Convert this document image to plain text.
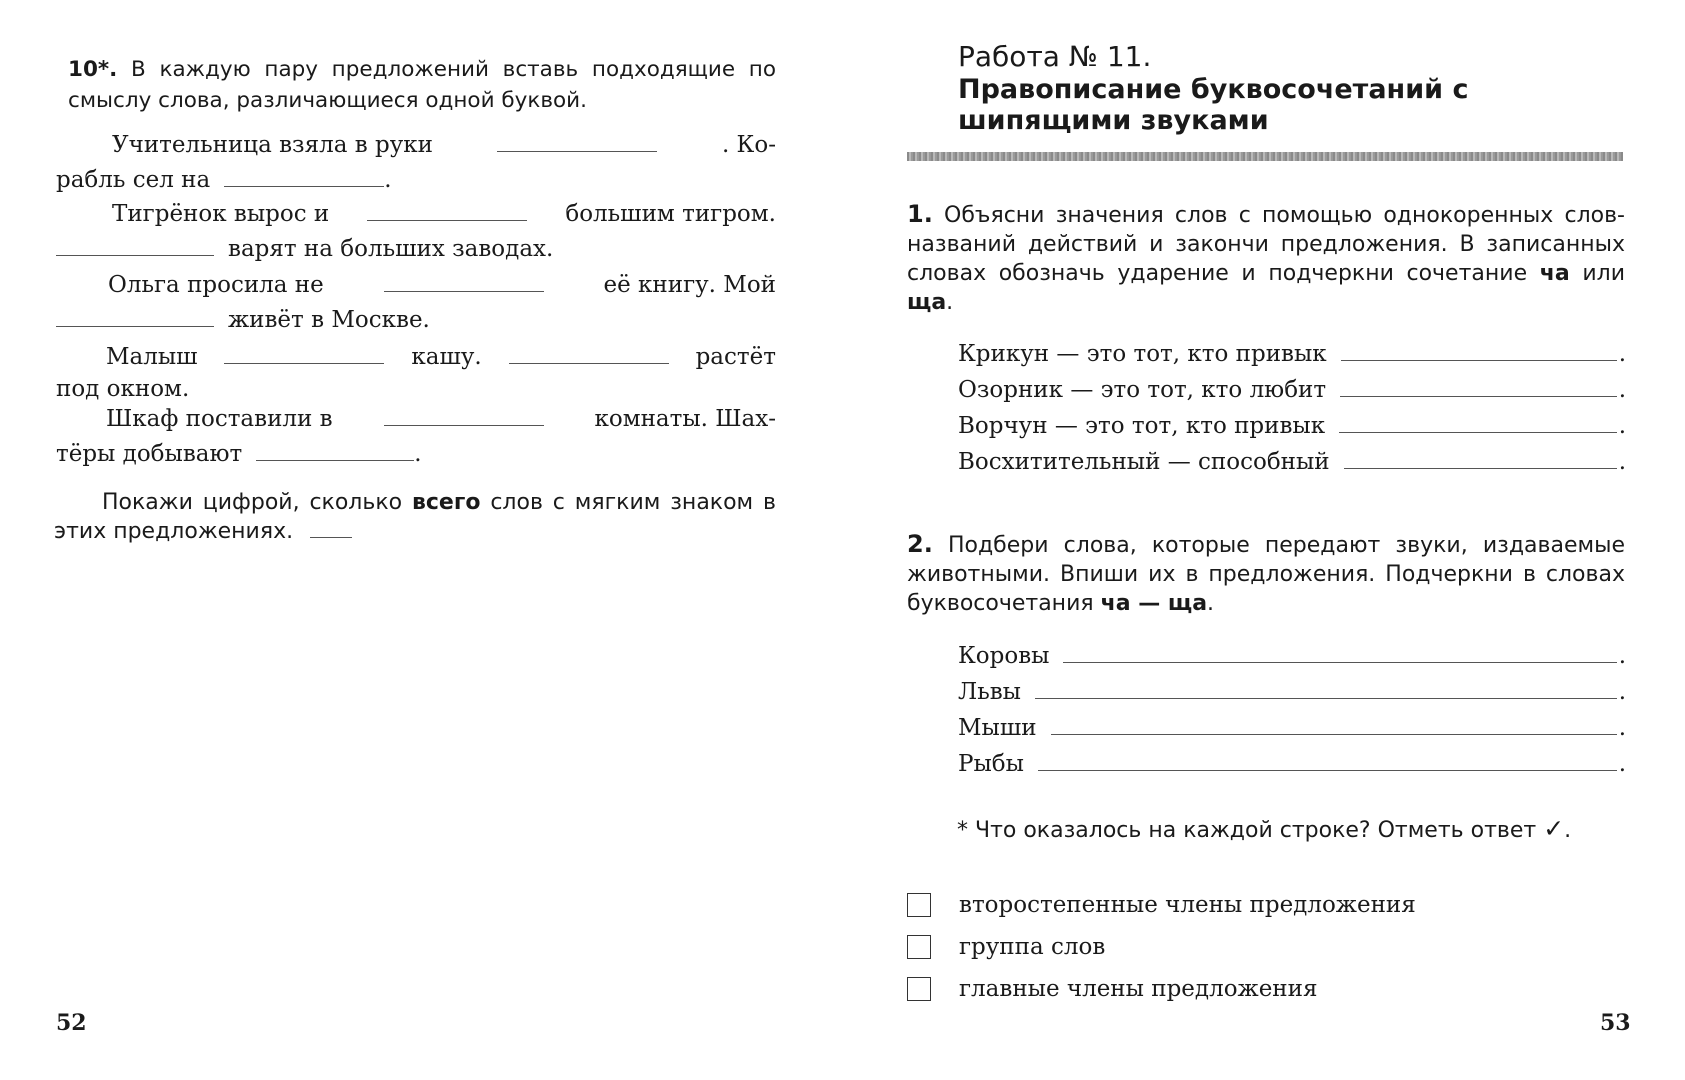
10*. В каждую пару предложений вставь подходящие по смыслу слова, различающиеся одной буквой.
Учительница взяла в руки	. Ко-
рабль сел на	.
Тигрёнок вырос и	большим тигром.
варят на больших заводах.
Ольга просила не	её книгу. Мой
живёт в Москве.
Малыш	кашу.	растёт
под окном.
Шкаф поставили в	комнаты. Шах-
тёры добывают	.
Покажи цифрой, сколько всего слов с мягким знаком в этих предложениях.
52
Работа № 11.
Правописание буквосочетаний с шипящими звуками
1. Объясни значения слов с помощью однокоренных слов-названий действий и закончи предложения. В записанных словах обозначь ударение и подчеркни сочетание ча или ща.
Крикун — это тот, кто привык	.
Озорник — это тот, кто любит	.
Ворчун — это тот, кто привык	.
Восхитительный — способный	.
2. Подбери слова, которые передают звуки, издаваемые животными. Впиши их в предложения. Подчеркни в словах буквосочетания ча — ща.
Коровы	.
Львы	.
Мыши	.
Рыбы	.
* Что оказалось на каждой строке? Отметь ответ ✓.
второстепенные члены предложения
группа слов
главные члены предложения
53
